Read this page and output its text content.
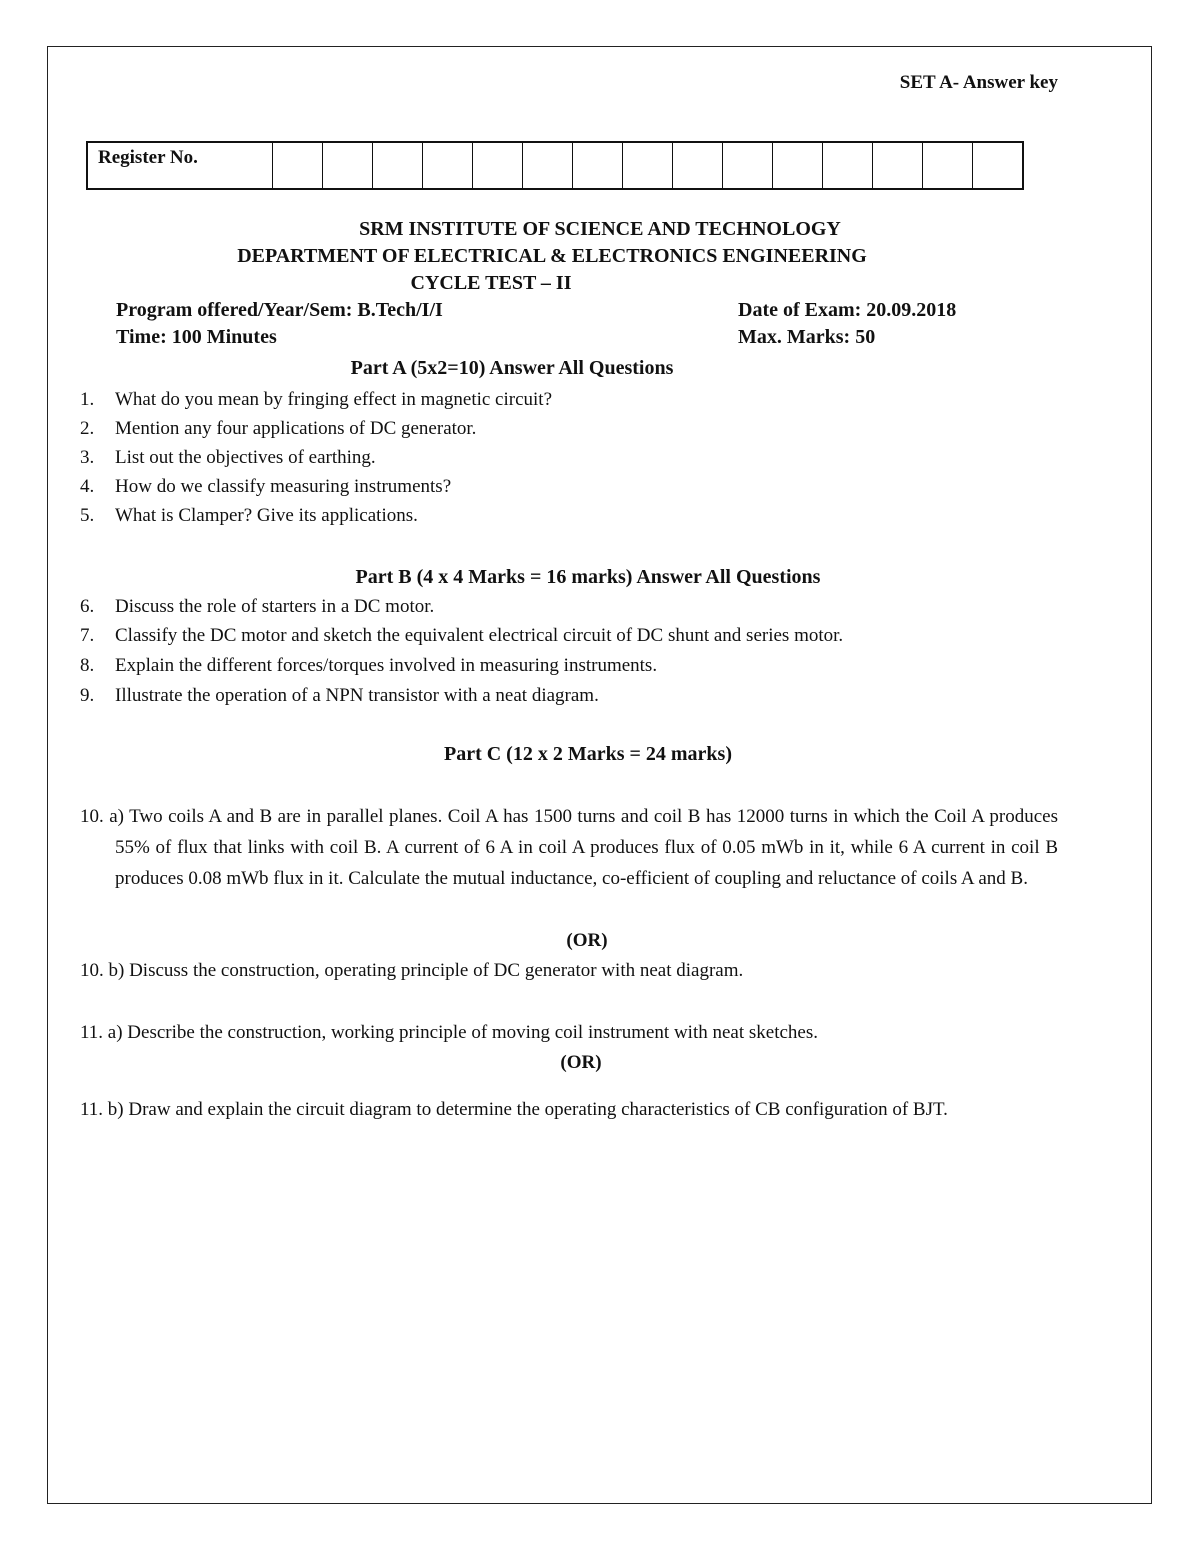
SET A- Answer key
Register No.															
SRM INSTITUTE OF SCIENCE AND TECHNOLOGY
DEPARTMENT OF ELECTRICAL & ELECTRONICS ENGINEERING
CYCLE TEST – II
Program offered/Year/Sem: B.Tech/I/I	Date of Exam: 20.09.2018
Time: 100 Minutes	Max. Marks: 50
Part A (5x2=10) Answer All Questions
1. What do you mean by fringing effect in magnetic circuit?
2. Mention any four applications of DC generator.
3. List out the objectives of earthing.
4. How do we classify measuring instruments?
5. What is Clamper? Give its applications.
Part B (4 x 4 Marks = 16 marks) Answer All Questions
6. Discuss the role of starters in a DC motor.
7. Classify the DC motor and sketch the equivalent electrical circuit of DC shunt and series motor.
8. Explain the different forces/torques involved in measuring instruments.
9. Illustrate the operation of a NPN transistor with a neat diagram.
Part C (12 x 2 Marks = 24 marks)
10. a) Two coils A and B are in parallel planes. Coil A has 1500 turns and coil B has 12000 turns in which the Coil A produces 55% of flux that links with coil B. A current of 6 A in coil A produces flux of 0.05 mWb in it, while 6 A current in coil B produces 0.08 mWb flux in it. Calculate the mutual inductance, co-efficient of coupling and reluctance of coils A and B.
(OR)
10. b) Discuss the construction, operating principle of DC generator with neat diagram.
11. a) Describe the construction, working principle of moving coil instrument with neat sketches.
(OR)
11. b) Draw and explain the circuit diagram to determine the operating characteristics of CB configuration of BJT.
